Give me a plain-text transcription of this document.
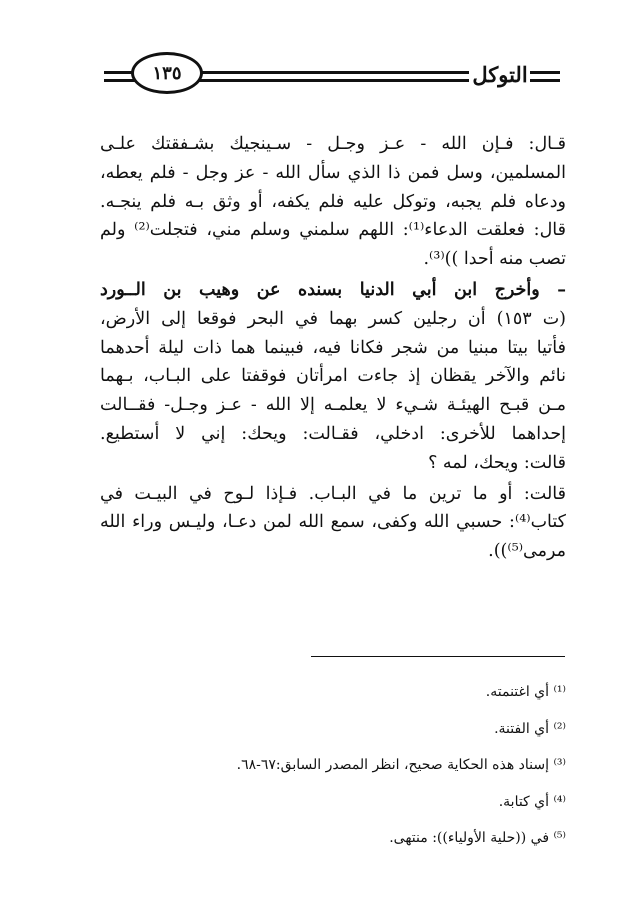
١٣٥	التوكل
قـال: فـإن الله - عـز وجـل - سـينجيك بشـفقتك علـى
المسلمين، وسل فمن ذا الذي سأل الله - عز وجل - فلم يعطه،
ودعاه فلم يجبه، وتوكل عليه فلم يكفه، أو وثق بـه فلم ينجـه.
قال: فعلقت الدعاء⁽¹⁾: اللهم سلمني وسلم مني، فتجلت⁽²⁾ ولم
تصب منه أحدا ))⁽³⁾.
– وأخرج ابن أبي الدنيا بسنده عن وهيب بن الــورد
(ت ١٥٣) أن رجلين كسر بهما في البحر فوقعا إلى الأرض،
فأتيا بيتا مبنيا من شجر فكانا فيه، فبينما هما ذات ليلة أحدهما
نائم والآخر يقظان إذ جاءت امرأتان فوقفتا على البـاب، بـهما
مـن قبـح الهيئـة شـيء لا يعلمـه إلا الله - عـز وجـل- فقــالت
إحداهما للأخرى: ادخلي، فقـالت: ويحك: إني لا أستطيع.
قالت: ويحك، لمه ؟
قالت: أو ما ترين ما في البـاب. فـإذا لـوح في البيـت في
كتاب⁽⁴⁾: حسبي الله وكفى، سمع الله لمن دعـا، وليـس وراء الله
مرمى⁽⁵⁾)).
⁽¹⁾ أي اغتنمته.
⁽²⁾ أي الفتنة.
⁽³⁾ إسناد هذه الحكاية صحيح، انظر المصدر السابق:٦٧-٦٨.
⁽⁴⁾ أي كتابة.
⁽⁵⁾ في ((حلية الأولياء)): منتهى.
